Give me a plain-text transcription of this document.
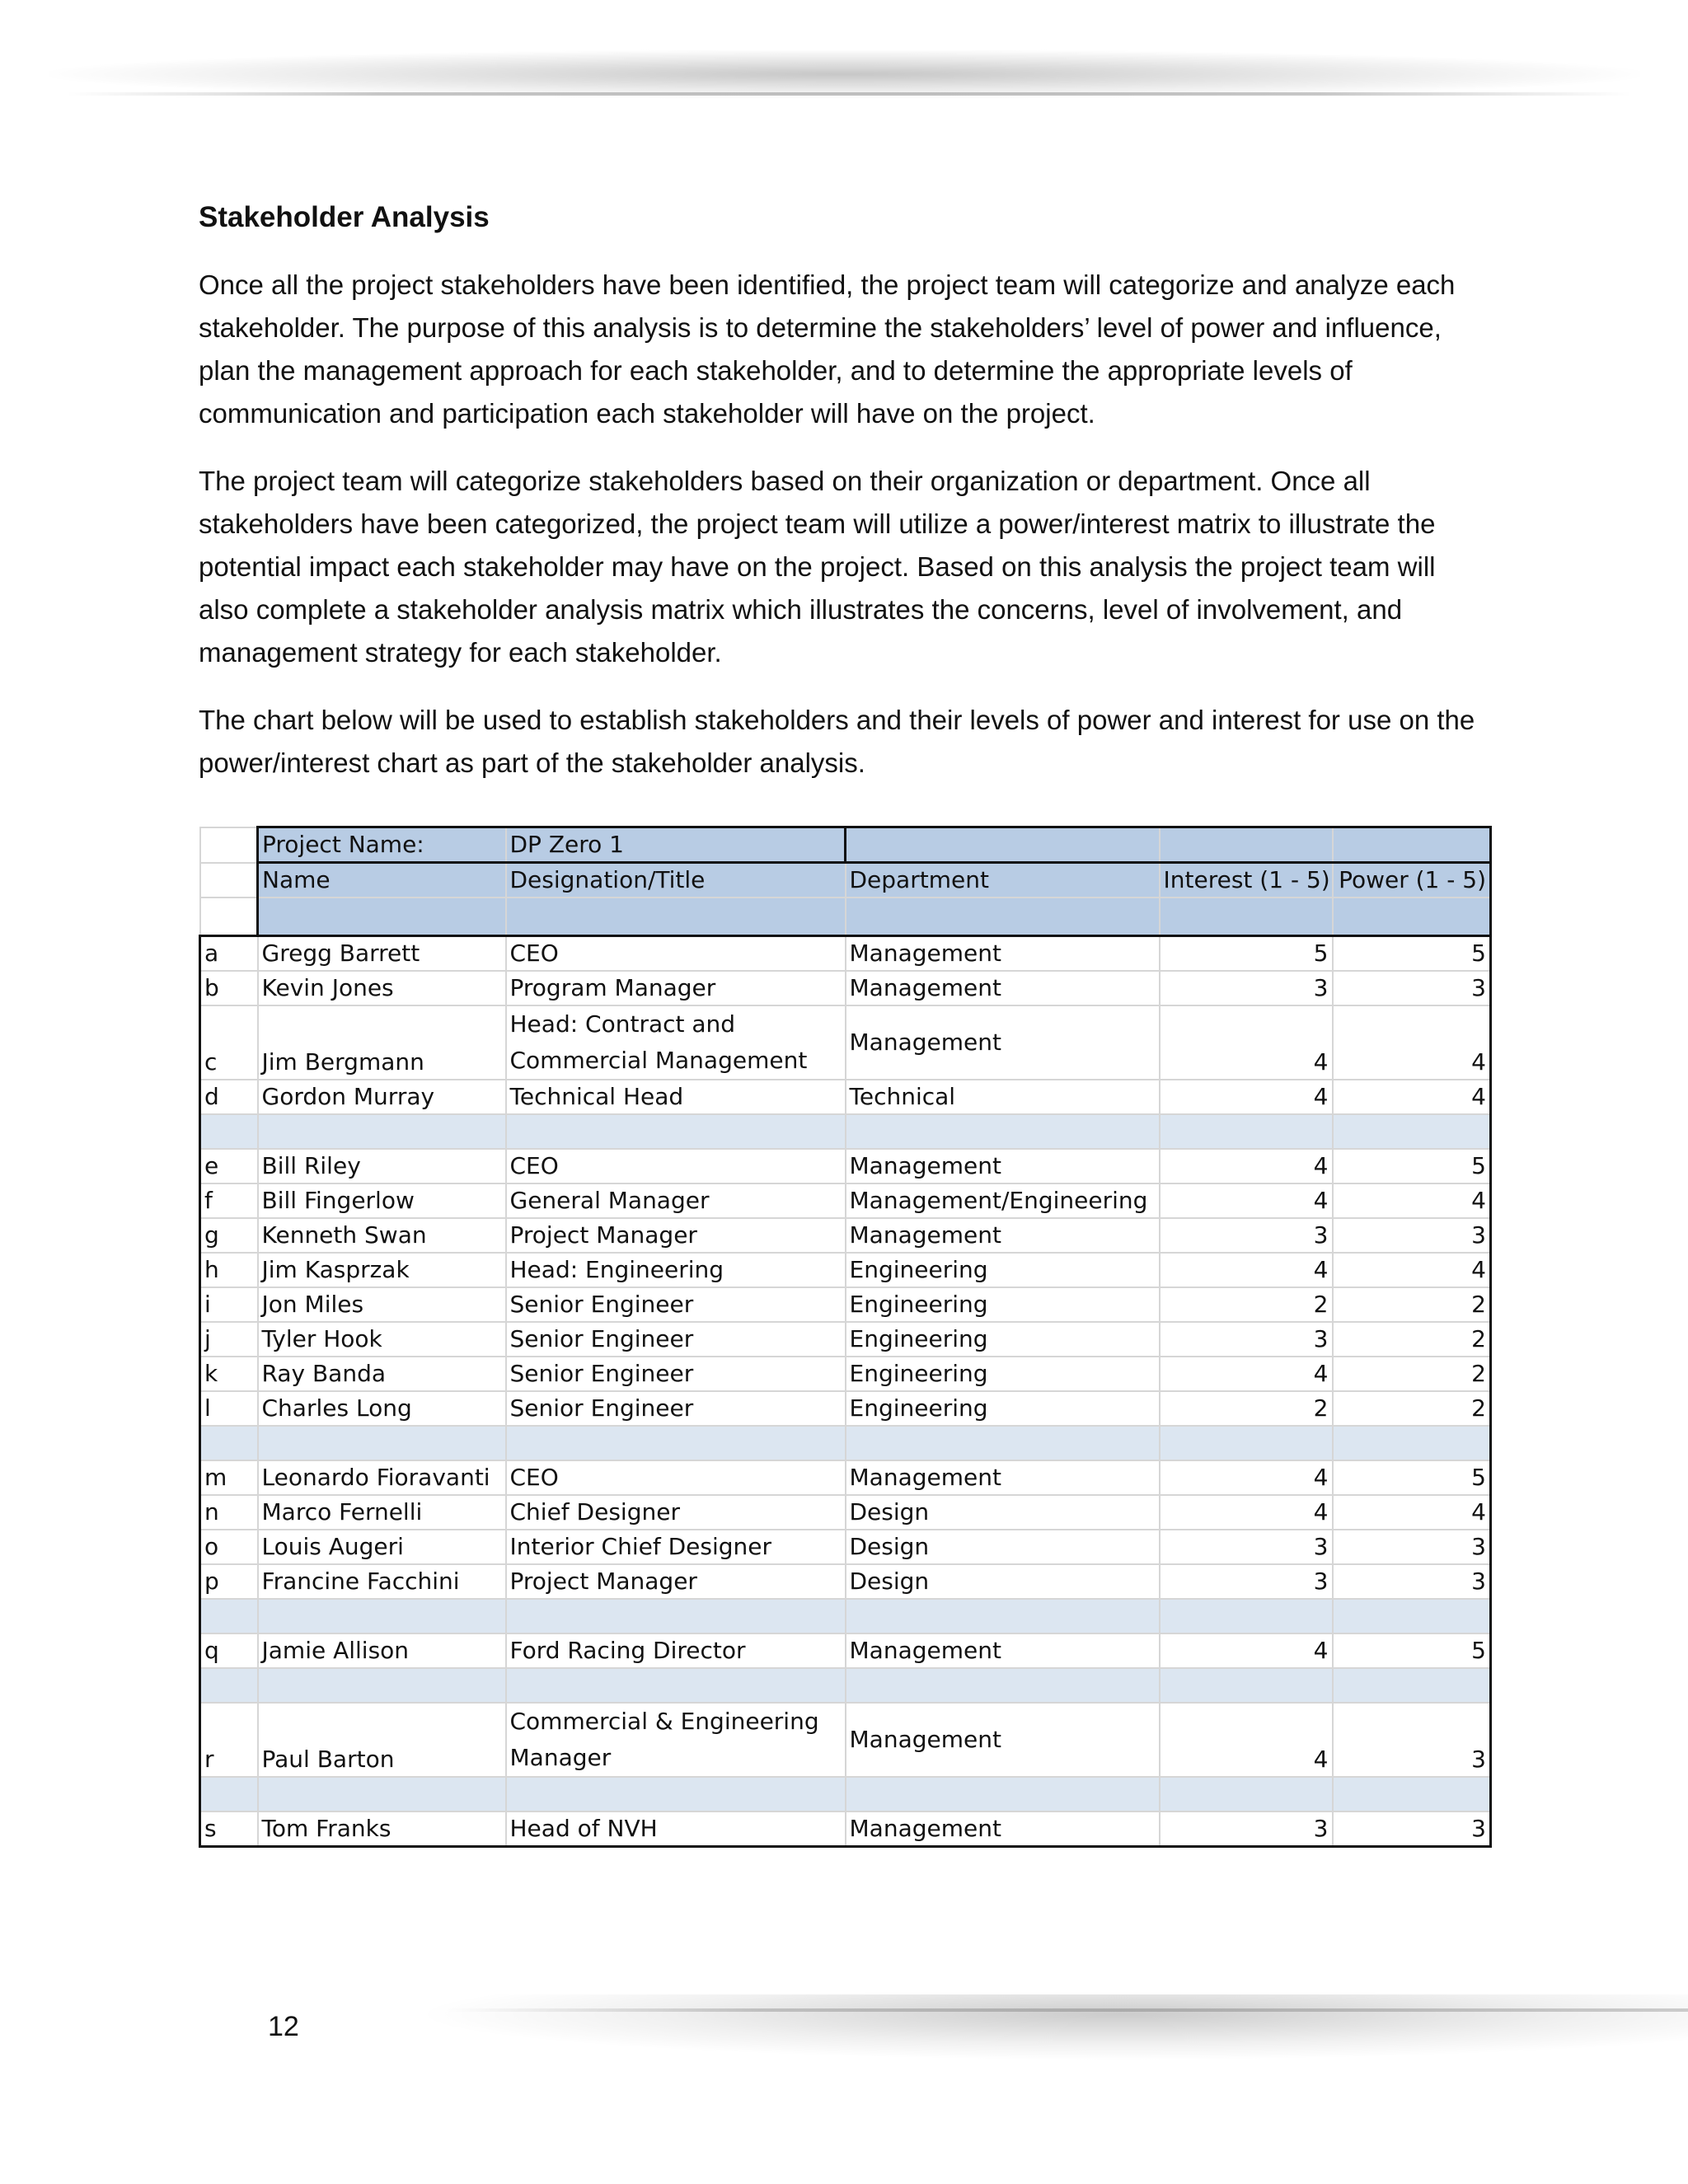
Stakeholder Analysis

Once all the project stakeholders have been identified, the project team will categorize and analyze each stakeholder. The purpose of this analysis is to determine the stakeholders’ level of power and influence, plan the management approach for each stakeholder, and to determine the appropriate levels of communication and participation each stakeholder will have on the project.

The project team will categorize stakeholders based on their organization or department. Once all stakeholders have been categorized, the project team will utilize a power/interest matrix to illustrate the potential impact each stakeholder may have on the project. Based on this analysis the project team will also complete a stakeholder analysis matrix which illustrates the concerns, level of involvement, and management strategy for each stakeholder.

The chart below will be used to establish stakeholders and their levels of power and interest for use on the power/interest chart as part of the stakeholder analysis.

	Project Name:	DP Zero 1			
	Name	Designation/Title	Department	Interest (1 - 5)	Power (1 - 5)

a	Gregg Barrett	CEO	Management	5	5
b	Kevin Jones	Program Manager	Management	3	3
c	Jim Bergmann	Head: Contract and Commercial Management	Management	4	4
d	Gordon Murray	Technical Head	Technical	4	4

e	Bill Riley	CEO	Management	4	5
f	Bill Fingerlow	General Manager	Management/Engineering	4	4
g	Kenneth Swan	Project Manager	Management	3	3
h	Jim Kasprzak	Head: Engineering	Engineering	4	4
i	Jon Miles	Senior Engineer	Engineering	2	2
j	Tyler Hook	Senior Engineer	Engineering	3	2
k	Ray Banda	Senior Engineer	Engineering	4	2
l	Charles Long	Senior Engineer	Engineering	2	2

m	Leonardo Fioravanti	CEO	Management	4	5
n	Marco Fernelli	Chief Designer	Design	4	4
o	Louis Augeri	Interior Chief Designer	Design	3	3
p	Francine Facchini	Project Manager	Design	3	3

q	Jamie Allison	Ford Racing Director	Management	4	5

r	Paul Barton	Commercial & Engineering Manager	Management	4	3

s	Tom Franks	Head of NVH	Management	3	3
12
